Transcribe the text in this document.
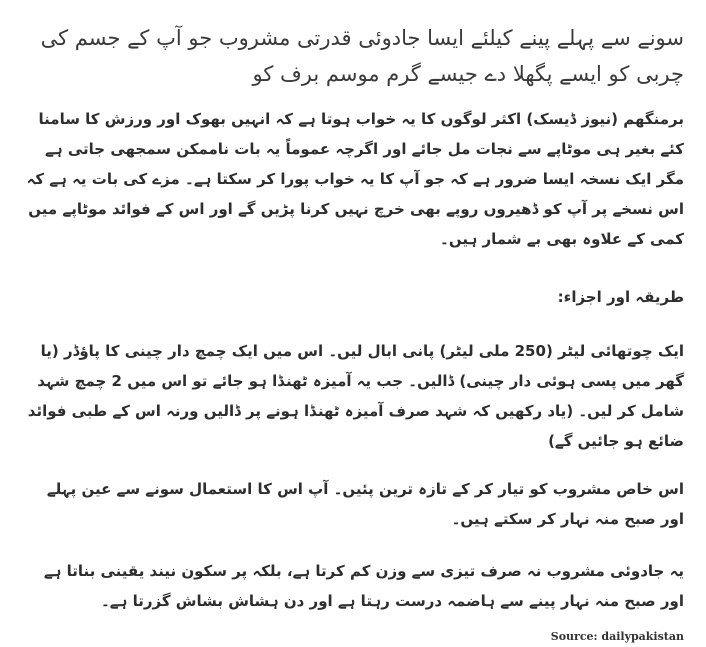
سونے سے پہلے پینے کیلئے ایسا جادوئی قدرتی مشروب جو آپ کے جسم کی چربی کو ایسے پگھلا دے جیسے گرم موسم برف کو

برمنگھم (نیوز ڈیسک) اکثر لوگوں کا یہ خواب ہوتا ہے کہ انہیں بھوک اور ورزش کا سامنا کئے بغیر ہی موٹاپے سے نجات مل جائے اور اگرچہ عموماً یہ بات ناممکن سمجھی جاتی ہے مگر ایک نسخہ ایسا ضرور ہے کہ جو آپ کا یہ خواب پورا کر سکتا ہے۔ مزے کی بات یہ ہے کہ اس نسخے پر آپ کو ڈھیروں روپے بھی خرچ نہیں کرنا پڑیں گے اور اس کے فوائد موٹاپے میں کمی کے علاوہ بھی بے شمار ہیں۔

طریقہ اور اجزاء:

ایک چوتھائی لیٹر (250 ملی لیٹر) پانی ابال لیں۔ اس میں ایک چمچ دار چینی کا پاؤڈر (یا گھر میں پسی ہوئی دار چینی) ڈالیں۔ جب یہ آمیزہ ٹھنڈا ہو جائے تو اس میں 2 چمچ شہد شامل کر لیں۔ (یاد رکھیں کہ شہد صرف آمیزہ ٹھنڈا ہونے پر ڈالیں ورنہ اس کے طبی فوائد ضائع ہو جائیں گے)

اس خاص مشروب کو تیار کر کے تازہ ترین پئیں۔ آپ اس کا استعمال سونے سے عین پہلے اور صبح منہ نہار کر سکتے ہیں۔

یہ جادوئی مشروب نہ صرف تیزی سے وزن کم کرتا ہے، بلکہ پر سکون نیند یقینی بناتا ہے اور صبح منہ نہار پینے سے ہاضمہ درست رہتا ہے اور دن ہشاش بشاش گزرتا ہے۔

Source: dailypakistan
